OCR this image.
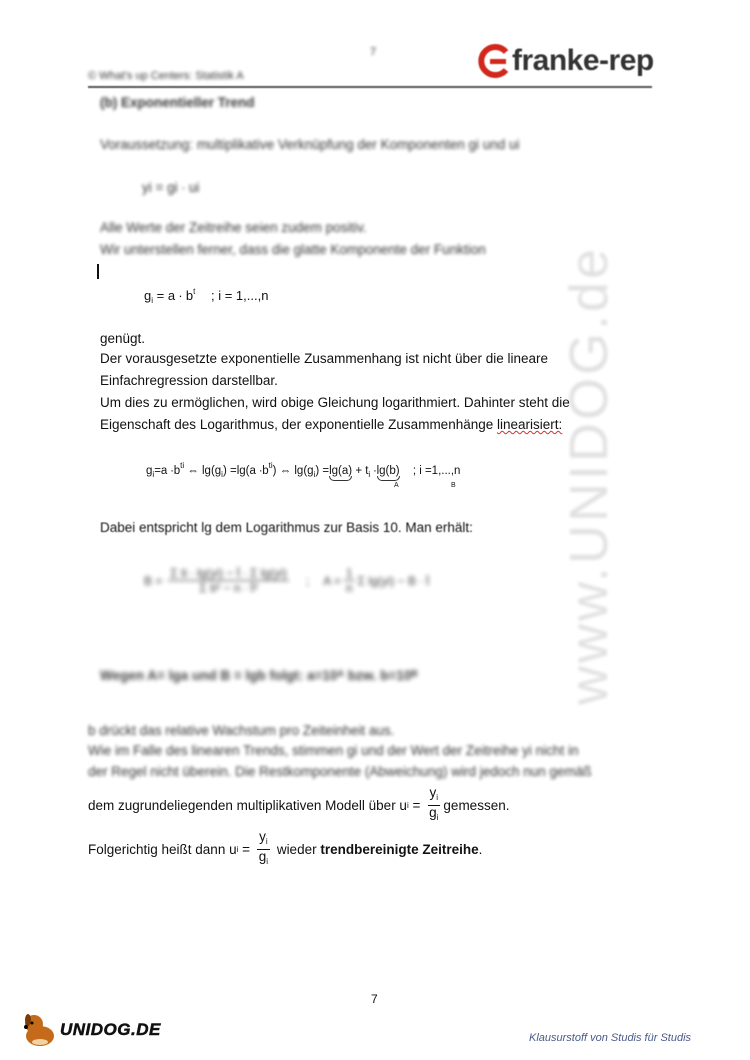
7
© What's up Centers: Statistik A	franke-rep
(b) Exponentieller Trend
Voraussetzung: multiplikative Verknüpfung der Komponenten gi und ui
yi = gi ∙ ui
Alle Werte der Zeitreihe seien zudem positiv.
Wir unterstellen ferner, dass die glatte Komponente der Funktion
$g_i = a \cdot b^t$ ; i = 1,...,n
genügt.
Der vorausgesetzte exponentielle Zusammenhang ist nicht über die lineare
Einfachregression darstellbar.
Um dies zu ermöglichen, wird obige Gleichung logarithmiert. Dahinter steht die
Eigenschaft des Logarithmus, der exponentielle Zusammenhänge linearisiert:
$g_i=a \cdot b^{ti}$ ⇔ $\lg(g_i) =\lg(a \cdot b^{ti})$ ⇔ $\lg(g_i) =\lg(a) + t_i \cdot\lg(b)$ ; i =1,...,n
A	B
Dabei entspricht lg dem Logarithmus zur Basis 10. Man erhält:
$B = \frac{\text{Σ ti ∙ lg(yi) − t̄ ∙ Σ lg(yi)}}{\text{Σ ti² − n ∙ t̄²}}$ ; $A = \frac{1}{n}$ Σ lg(yi) − B ∙ t̄
Wegen A= lga und B = lgb folgt: a=10ᴬ bzw. b=10ᴮ
b drückt das relative Wachstum pro Zeiteinheit aus.
Wie im Falle des linearen Trends, stimmen gi und der Wert der Zeitreihe yi nicht in
der Regel nicht überein. Die Restkomponente (Abweichung) wird jedoch nun gemäß
dem zugrundeliegenden multiplikativen Modell über u $i = \frac{y_i}{g_i}$ gemessen.
Folgerichtig heißt dann u $i = \frac{y_i}{g_i}$ wieder trendbereinigte Zeitreihe .
www.UNIDOG.de
7
UNIDOG.DE	Klausurstoff von Studis für Studis
